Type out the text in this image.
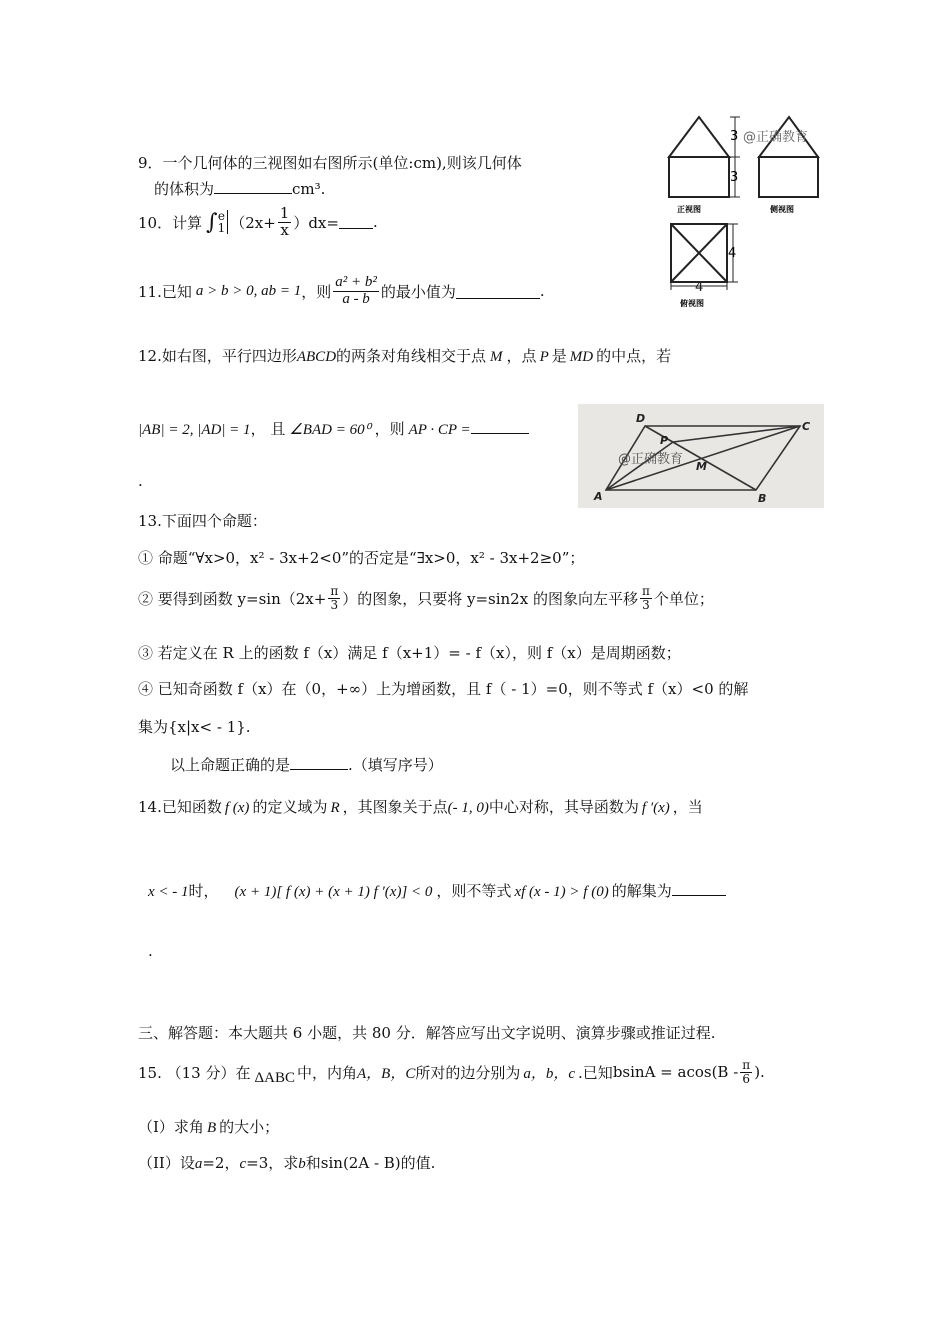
9．一个几何体的三视图如右图所示(单位:cm),则该几何体
的体积为	cm³.
10．计算 ∫ e
1 $(2x+ \frac{1}{x} )dx=$ .
11.已知 a > b > 0, ab = 1 ，则 $\frac{\text{a² + b²}}{a - b}$ 的最小值为	.
12.如右图，平行四边形ABCD的两条对角线相交于点 M ，点 P 是 MD 的中点，若
|AB| = 2, |AD| = 1， 且 ∠BAD = 60⁰ ，则 AP · CP =
.
13.下面四个命题：
① 命题“∀x>0，x² - 3x+2<0”的否定是“∃x>0，x² - 3x+2≥0”；
② 要得到函数 $y=\sin(2x+ \frac{\pi}{3}$ ）的图象，只要将 y=sin2x 的图象向左平移 $\frac{\pi}{3}$ 个单位；
③ 若定义在 R 上的函数 f（x）满足 f（x+1）= - f（x），则 f（x）是周期函数；
④ 已知奇函数 f（x）在（0，+∞）上为增函数，且 f（ - 1）=0，则不等式 f（x）<0 的解
集为{x|x< - 1}.
以上命题正确的是	.（填写序号）
14.已知函数 f (x) 的定义域为 R ，其图象关于点(- 1, 0)中心对称，其导函数为 f ′(x) ，当
x < - 1时， (x + 1)[ f (x) + (x + 1) f ′(x)] < 0 ，则不等式 xf (x - 1) > f (0) 的解集为
.
三、解答题：本大题共 6 小题，共 80 分．解答应写出文字说明、演算步骤或推证过程.
15. （13 分）在 ΔABC 中，内角 A，B，C 所对的边分别为 a，b，c .已知 $bsinA = acos(B - \frac{\pi}{6}$ ).
（I）求角 B 的大小；
（II）设a=2，c=3，求b和sin(2A - B)的值.
3
3
@正确教育
正视图	侧视图
4
4
俯视图
D
C
P
M
A	B
@正确教育
